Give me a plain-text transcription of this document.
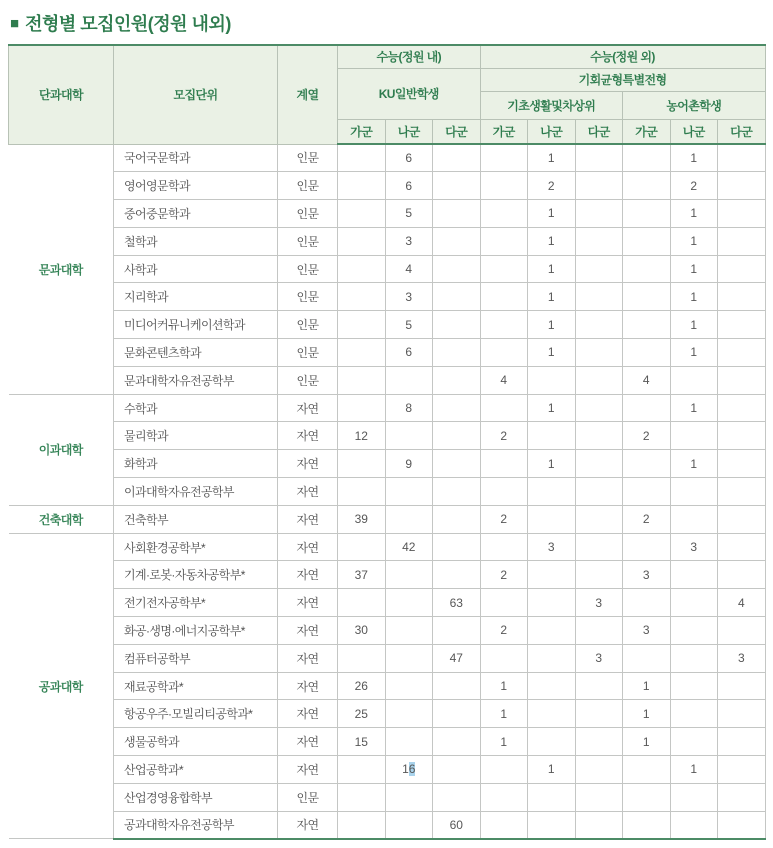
■ 전형별 모집인원(정원 내외)
단과대학	모집단위	계열	수능(정원 내)			수능(정원 외)					
			KU일반학생			기회균형특별전형					
						기초생활및차상위			농어촌학생		
			가군	나군	다군	가군	나군	다군	가군	나군	다군
문과대학	국어국문학과	인문		6			1			1	
	영어영문학과	인문		6			2			2	
	중어중문학과	인문		5			1			1	
	철학과	인문		3			1			1	
	사학과	인문		4			1			1	
	지리학과	인문		3			1			1	
	미디어커뮤니케이션학과	인문		5			1			1	
	문화콘텐츠학과	인문		6			1			1	
	문과대학자유전공학부	인문				4			4		
이과대학	수학과	자연		8			1			1	
	물리학과	자연	12			2			2		
	화학과	자연		9			1			1	
	이과대학자유전공학부	자연									
건축대학	건축학부	자연	39			2			2		
공과대학	사회환경공학부*	자연		42			3			3	
	기계·로봇·자동차공학부*	자연	37			2			3		
	전기전자공학부*	자연			63			3			4
	화공·생명·에너지공학부*	자연	30			2			3		
	컴퓨터공학부	자연			47			3			3
	재료공학과*	자연	26			1			1		
	항공우주·모빌리티공학과*	자연	25			1			1		
	생물공학과	자연	15			1			1		
	산업공학과*	자연		16			1			1	
	산업경영융합학부	인문									
	공과대학자유전공학부	자연			60						
